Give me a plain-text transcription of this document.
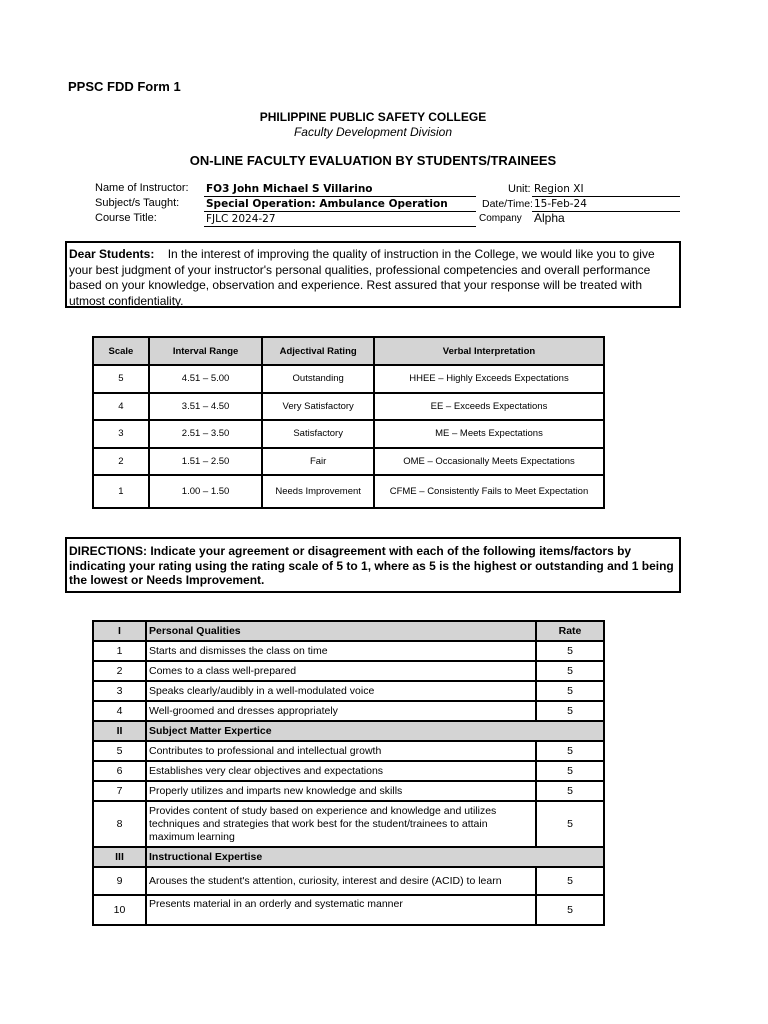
PPSC FDD Form 1
PHILIPPINE PUBLIC SAFETY COLLEGE
Faculty Development Division
ON-LINE FACULTY EVALUATION BY STUDENTS/TRAINEES
Name of Instructor: FO3 John Michael S Villarino
Subject/s Taught:	Special Operation: Ambulance Operation
Course Title:	FJLC 2024-27
Unit: Region XI
Date/Time: 15-Feb-24
Company Alpha
Dear Students: In the interest of improving the quality of instruction in the College, we would like you to give your best judgment of your instructor's personal qualities, professional competencies and overall performance based on your knowledge, observation and experience. Rest assured that your response will be treated with utmost confidentiality.
Scale	Interval Range	Adjectival Rating	Verbal Interpretation
5	4.51 – 5.00	Outstanding	HHEE – Highly Exceeds Expectations
4	3.51 – 4.50	Very Satisfactory	EE – Exceeds Expectations
3	2.51 – 3.50	Satisfactory	ME – Meets Expectations
2	1.51 – 2.50	Fair	OME – Occasionally Meets Expectations
1	1.00 – 1.50	Needs Improvement	CFME – Consistently Fails to Meet Expectation
DIRECTIONS: Indicate your agreement or disagreement with each of the following items/factors by indicating your rating using the rating scale of 5 to 1, where as 5 is the highest or outstanding and 1 being the lowest or Needs Improvement.
I	Personal Qualities	Rate
1	Starts and dismisses the class on time	5
2	Comes to a class well-prepared	5
3	Speaks clearly/audibly in a well-modulated voice	5
4	Well-groomed and dresses appropriately	5
II	Subject Matter Expertice	
5	Contributes to professional and intellectual growth	5
6	Establishes very clear objectives and expectations	5
7	Properly utilizes and imparts new knowledge and skills	5
8	Provides content of study based on experience and knowledge and utilizes techniques and strategies that work best for the student/trainees to attain maximum learning	5
III	Instructional Expertise	
9	Arouses the student's attention, curiosity, interest and desire (ACID) to learn	5
10	Presents material in an orderly and systematic manner	5
